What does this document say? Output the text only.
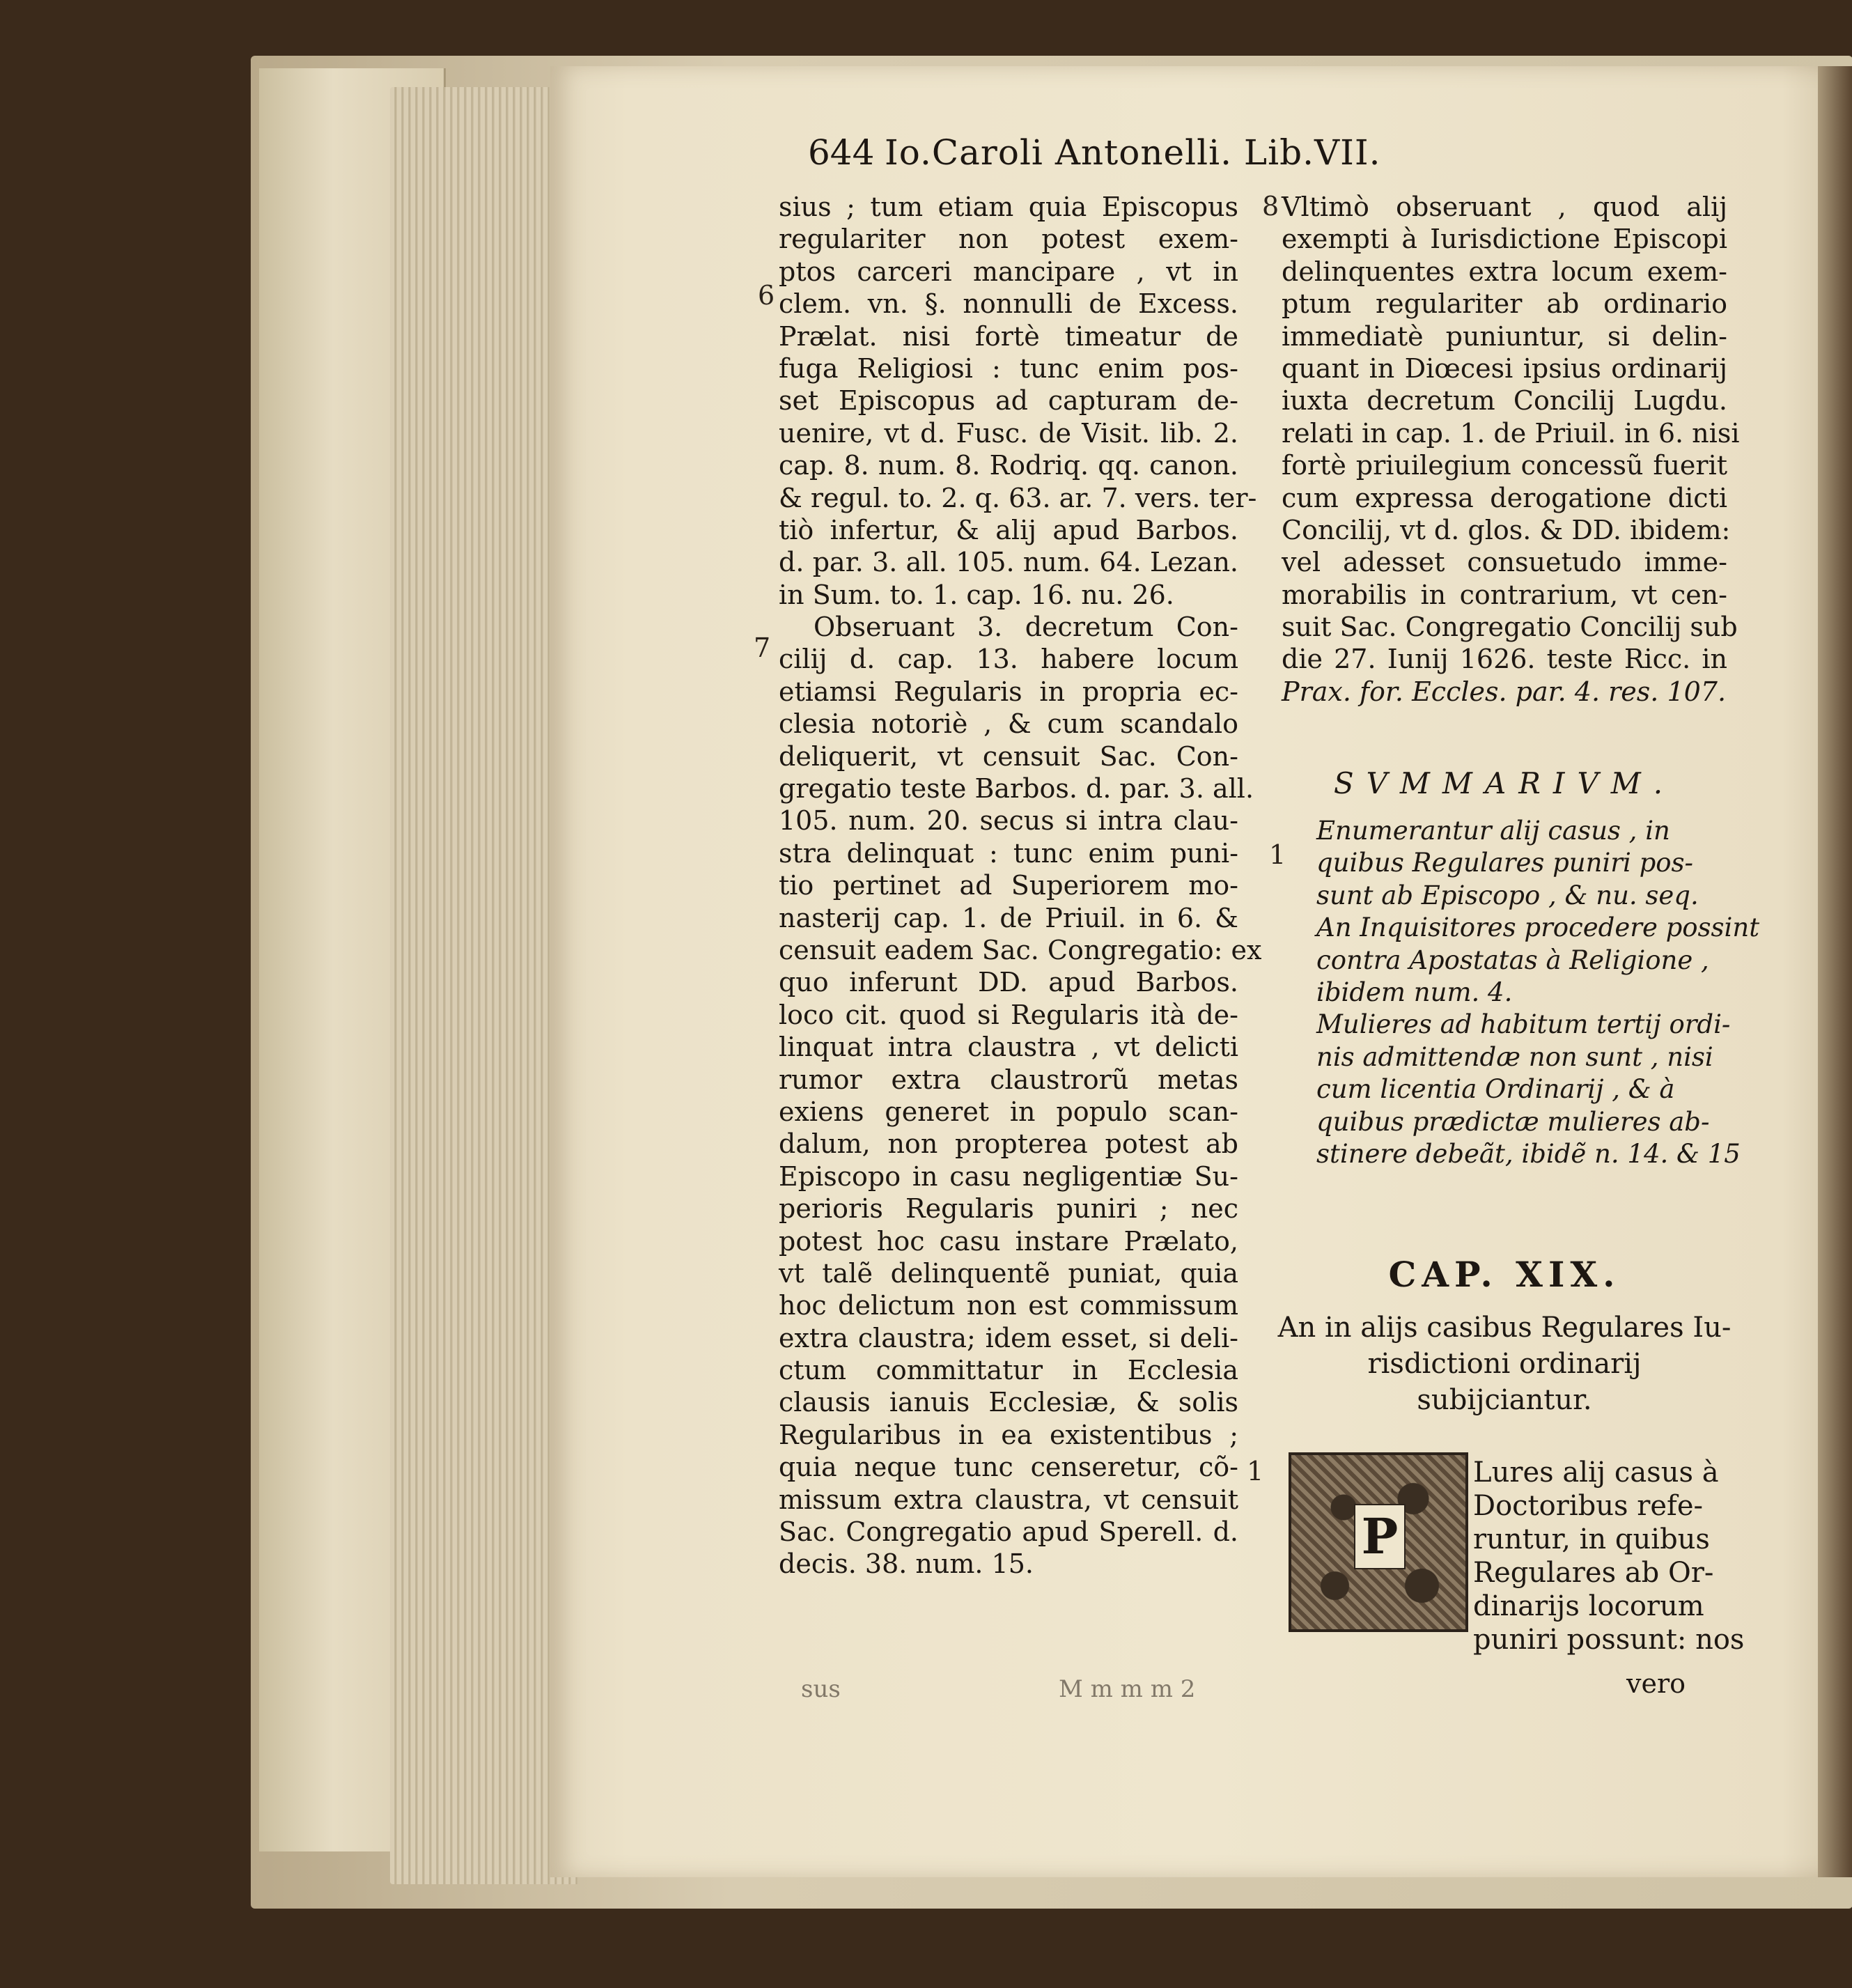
644 Io.Caroli Antonelli. Lib.VII.
sius ; tum etiam quia Episcopus
regulariter non potest exem-
ptos carceri mancipare , vt in
clem. vn. §. nonnulli de Excess.
Prælat. nisi fortè timeatur de
fuga Religiosi : tunc enim pos-
set Episcopus ad capturam de-
uenire, vt d. Fusc. de Visit. lib. 2.
cap. 8. num. 8. Rodriq. qq. canon.
& regul. to. 2. q. 63. ar. 7. vers. ter-
tiò infertur, & alij apud Barbos.
d. par. 3. all. 105. num. 64. Lezan.
in Sum. to. 1. cap. 16. nu. 26.
Obseruant 3. decretum Con-
cilij d. cap. 13. habere locum
etiamsi Regularis in propria ec-
clesia notoriè , & cum scandalo
deliquerit, vt censuit Sac. Con-
gregatio teste Barbos. d. par. 3. all.
105. num. 20. secus si intra clau-
stra delinquat : tunc enim puni-
tio pertinet ad Superiorem mo-
nasterij cap. 1. de Priuil. in 6. &
censuit eadem Sac. Congregatio: ex
quo inferunt DD. apud Barbos.
loco cit. quod si Regularis ità de-
linquat intra claustra , vt delicti
rumor extra claustrorũ metas
exiens generet in populo scan-
dalum, non propterea potest ab
Episcopo in casu negligentiæ Su-
perioris Regularis puniri ; nec
potest hoc casu instare Prælato,
vt talẽ delinquentẽ puniat, quia
hoc delictum non est commissum
extra claustra; idem esset, si deli-
ctum committatur in Ecclesia
clausis ianuis Ecclesiæ, & solis
Regularibus in ea existentibus ;
quia neque tunc censeretur, cõ-
missum extra claustra, vt censuit
Sac. Congregatio apud Sperell. d.
decis. 38. num. 15.
6
7
Vltimò obseruant , quod alij
exempti à Iurisdictione Episcopi
delinquentes extra locum exem-
ptum regulariter ab ordinario
immediatè puniuntur, si delin-
quant in Diœcesi ipsius ordinarij
iuxta decretum Concilij Lugdu.
relati in cap. 1. de Priuil. in 6. nisi
fortè priuilegium concessũ fuerit
cum expressa derogatione dicti
Concilij, vt d. glos. & DD. ibidem:
vel adesset consuetudo imme-
morabilis in contrarium, vt cen-
suit Sac. Congregatio Concilij sub
die 27. Iunij 1626. teste Ricc. in
Prax. for. Eccles. par. 4. res. 107.
8
SVMMARIVM.
1
Enumerantur alij casus , in
quibus Regulares puniri pos-
sunt ab Episcopo , & nu. seq.
An Inquisitores procedere possint
contra Apostatas à Religione ,
ibidem num. 4.
Mulieres ad habitum tertij ordi-
nis admittendæ non sunt , nisi
cum licentia Ordinarij , & à
quibus prædictæ mulieres ab-
stinere debeãt, ibidẽ n. 14. & 15
CAP. XIX.
An in alijs casibus Regulares Iu-
risdictioni ordinarij
subijciantur.
1
P
Lures alij casus à
Doctoribus refe-
runtur, in quibus
Regulares ab Or-
dinarijs locorum
puniri possunt: nos
vero
sus	M m m m 2
